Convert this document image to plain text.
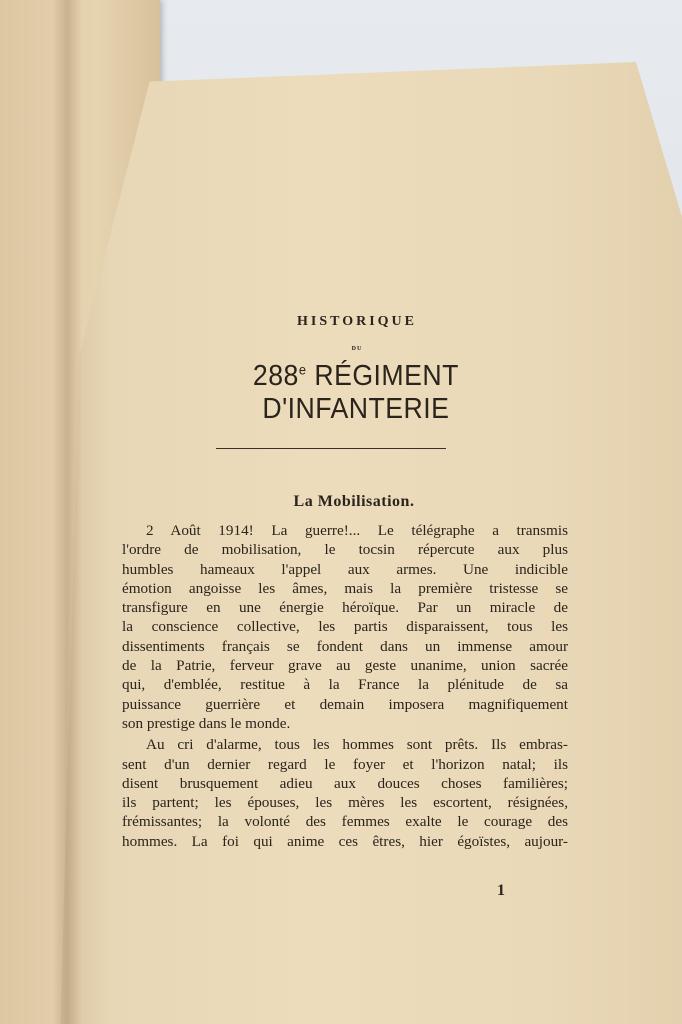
HISTORIQUE
DU
288e RÉGIMENT D'INFANTERIE
La Mobilisation.
2 Août 1914! La guerre!... Le télégraphe a transmis
l'ordre de mobilisation, le tocsin répercute aux plus
humbles hameaux l'appel aux armes. Une indicible
émotion angoisse les âmes, mais la première tristesse se
transfigure en une énergie héroïque. Par un miracle de
la conscience collective, les partis disparaissent, tous les
dissentiments français se fondent dans un immense amour
de la Patrie, ferveur grave au geste unanime, union sacrée
qui, d'emblée, restitue à la France la plénitude de sa
puissance guerrière et demain imposera magnifiquement
son prestige dans le monde.
Au cri d'alarme, tous les hommes sont prêts. Ils embras-
sent d'un dernier regard le foyer et l'horizon natal; ils
disent brusquement adieu aux douces choses familières;
ils partent; les épouses, les mères les escortent, résignées,
frémissantes; la volonté des femmes exalte le courage des
hommes. La foi qui anime ces êtres, hier égoïstes, aujour-
1
